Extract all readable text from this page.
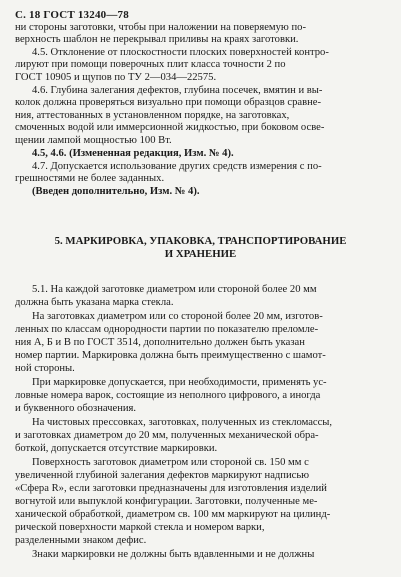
С. 18 ГОСТ 13240—78
ни стороны заготовки, чтобы при наложении на поверяемую по-
верхность шаблон не перекрывал приливы на краях заготовки.
4.5. Отклонение от плоскостности плоских поверхностей контро-
лируют при помощи поверочных плит класса точности 2 по
ГОСТ 10905 и щупов по ТУ 2—034—22575.
4.6. Глубина залегания дефектов, глубина посечек, вмятин и вы-
колок должна проверяться визуально при помощи образцов сравне-
ния, аттестованных в установленном порядке, на заготовках,
смоченных водой или иммерсионной жидкостью, при боковом осве-
щении лампой мощностью 100 Вт.
4.5, 4.6. (Измененная редакция, Изм. № 4).
4.7. Допускается использование других средств измерения с по-
грешностями не более заданных.
(Введен дополнительно, Изм. № 4).
5. МАРКИРОВКА, УПАКОВКА, ТРАНСПОРТИРОВАНИЕ
И ХРАНЕНИЕ
5.1. На каждой заготовке диаметром или стороной более 20 мм
должна быть указана марка стекла.
На заготовках диаметром или со стороной более 20 мм, изготов-
ленных по классам однородности партии по показателю преломле-
ния А, Б и В по ГОСТ 3514, дополнительно должен быть указан
номер партии. Маркировка должна быть преимущественно с шамот-
ной стороны.
При маркировке допускается, при необходимости, применять ус-
ловные номера варок, состоящие из неполного цифрового, а иногда
и буквенного обозначения.
На чистовых прессовках, заготовках, полученных из стекломассы,
и заготовках диаметром до 20 мм, полученных механической обра-
боткой, допускается отсутствие маркировки.
Поверхность заготовок диаметром или стороной св. 150 мм с
увеличенной глубиной залегания дефектов маркируют надписью
«Сфера R», если заготовки предназначены для изготовления изделий
вогнутой или выпуклой конфигурации. Заготовки, полученные ме-
ханической обработкой, диаметром св. 100 мм маркируют на цилинд-
рической поверхности маркой стекла и номером варки,
разделенными знаком дефис.
Знаки маркировки не должны быть вдавленными и не должны
